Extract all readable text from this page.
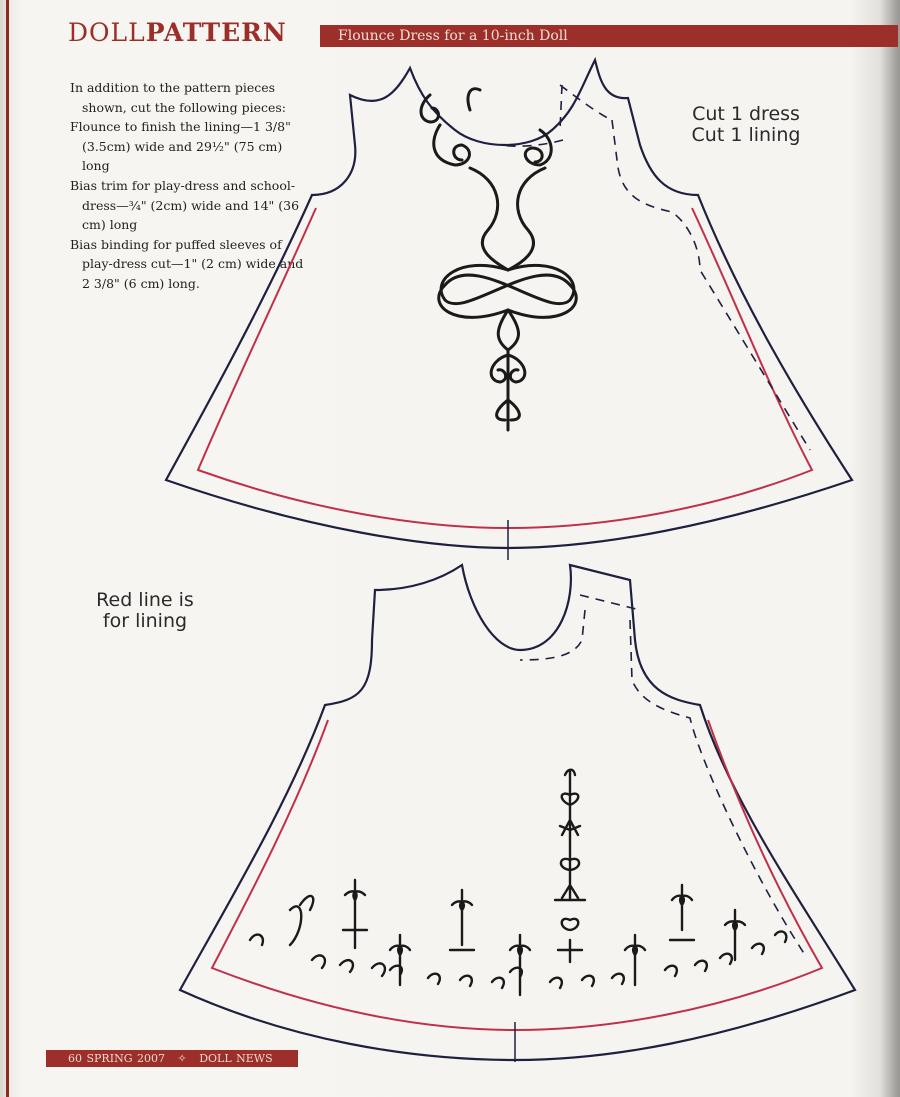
DOLLPATTERN	Flounce Dress for a 10-inch Doll

In addition to the pattern pieces shown, cut the following pieces:

Flounce to finish the lining—1 3/8" (3.5cm) wide and 29½" (75 cm) long

Bias trim for play-dress and school-dress—¾" (2cm) wide and 14" (36 cm) long

Bias binding for puffed sleeves of play-dress cut—1" (2 cm) wide and 2 3/8" (6 cm) long.

Cut 1 dress
Cut 1 lining
Red line is
for lining
60 SPRING 2007 ✧ DOLL NEWS
